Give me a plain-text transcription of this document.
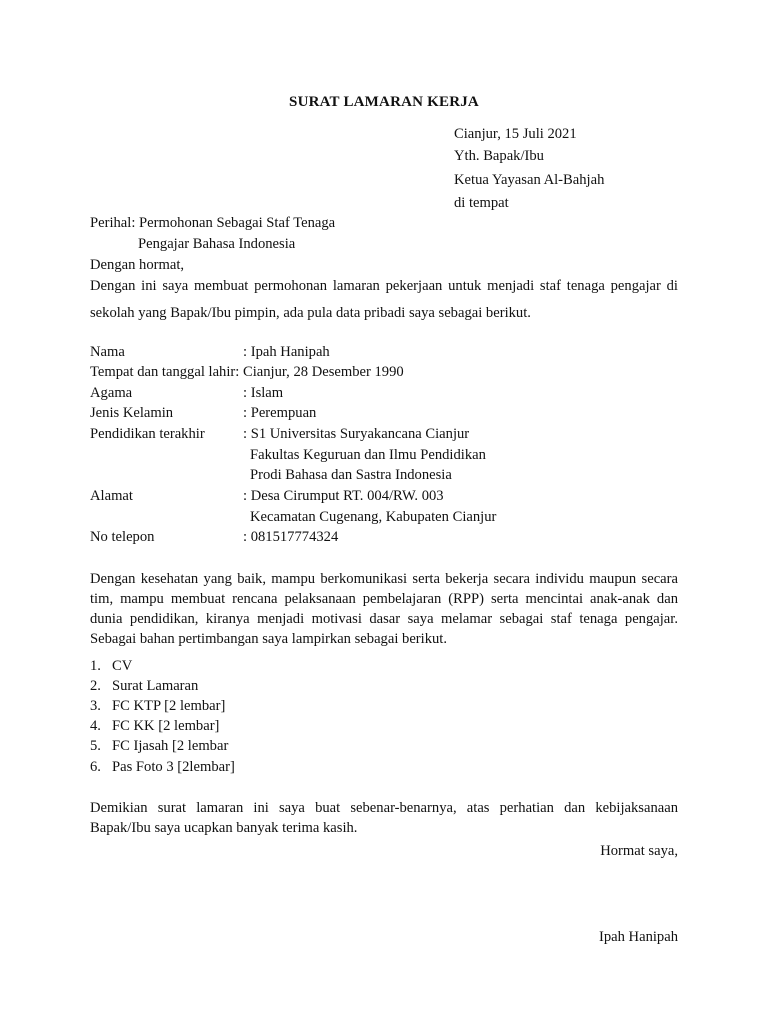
SURAT LAMARAN KERJA
Cianjur, 15 Juli 2021
Yth. Bapak/Ibu
Ketua Yayasan Al-Bahjah
di tempat
Perihal: Permohonan Sebagai Staf Tenaga
Pengajar Bahasa Indonesia
Dengan hormat,
Dengan ini saya membuat permohonan lamaran pekerjaan untuk menjadi staf tenaga pengajar di
sekolah yang Bapak/Ibu pimpin, ada pula data pribadi saya sebagai berikut.
Nama	: Ipah Hanipah
Tempat dan tanggal lahir: Cianjur, 28 Desember 1990
Agama	: Islam
Jenis Kelamin	: Perempuan
Pendidikan terakhir	: S1 Universitas Suryakancana Cianjur
Fakultas Keguruan dan Ilmu Pendidikan
Prodi Bahasa dan Sastra Indonesia
Alamat	: Desa Cirumput RT. 004/RW. 003
Kecamatan Cugenang, Kabupaten Cianjur
No telepon	: 081517774324
Dengan kesehatan yang baik, mampu berkomunikasi serta bekerja secara individu maupun secara
tim, mampu membuat rencana pelaksanaan pembelajaran (RPP) serta mencintai anak-anak dan
dunia pendidikan, kiranya menjadi motivasi dasar saya melamar sebagai staf tenaga pengajar.
Sebagai bahan pertimbangan saya lampirkan sebagai berikut.
1. CV
2. Surat Lamaran
3. FC KTP [2 lembar]
4. FC KK [2 lembar]
5. FC Ijasah [2 lembar
6. Pas Foto 3 [2lembar]
Demikian surat lamaran ini saya buat sebenar-benarnya, atas perhatian dan kebijaksanaan
Bapak/Ibu saya ucapkan banyak terima kasih.
Hormat saya,
Ipah Hanipah
